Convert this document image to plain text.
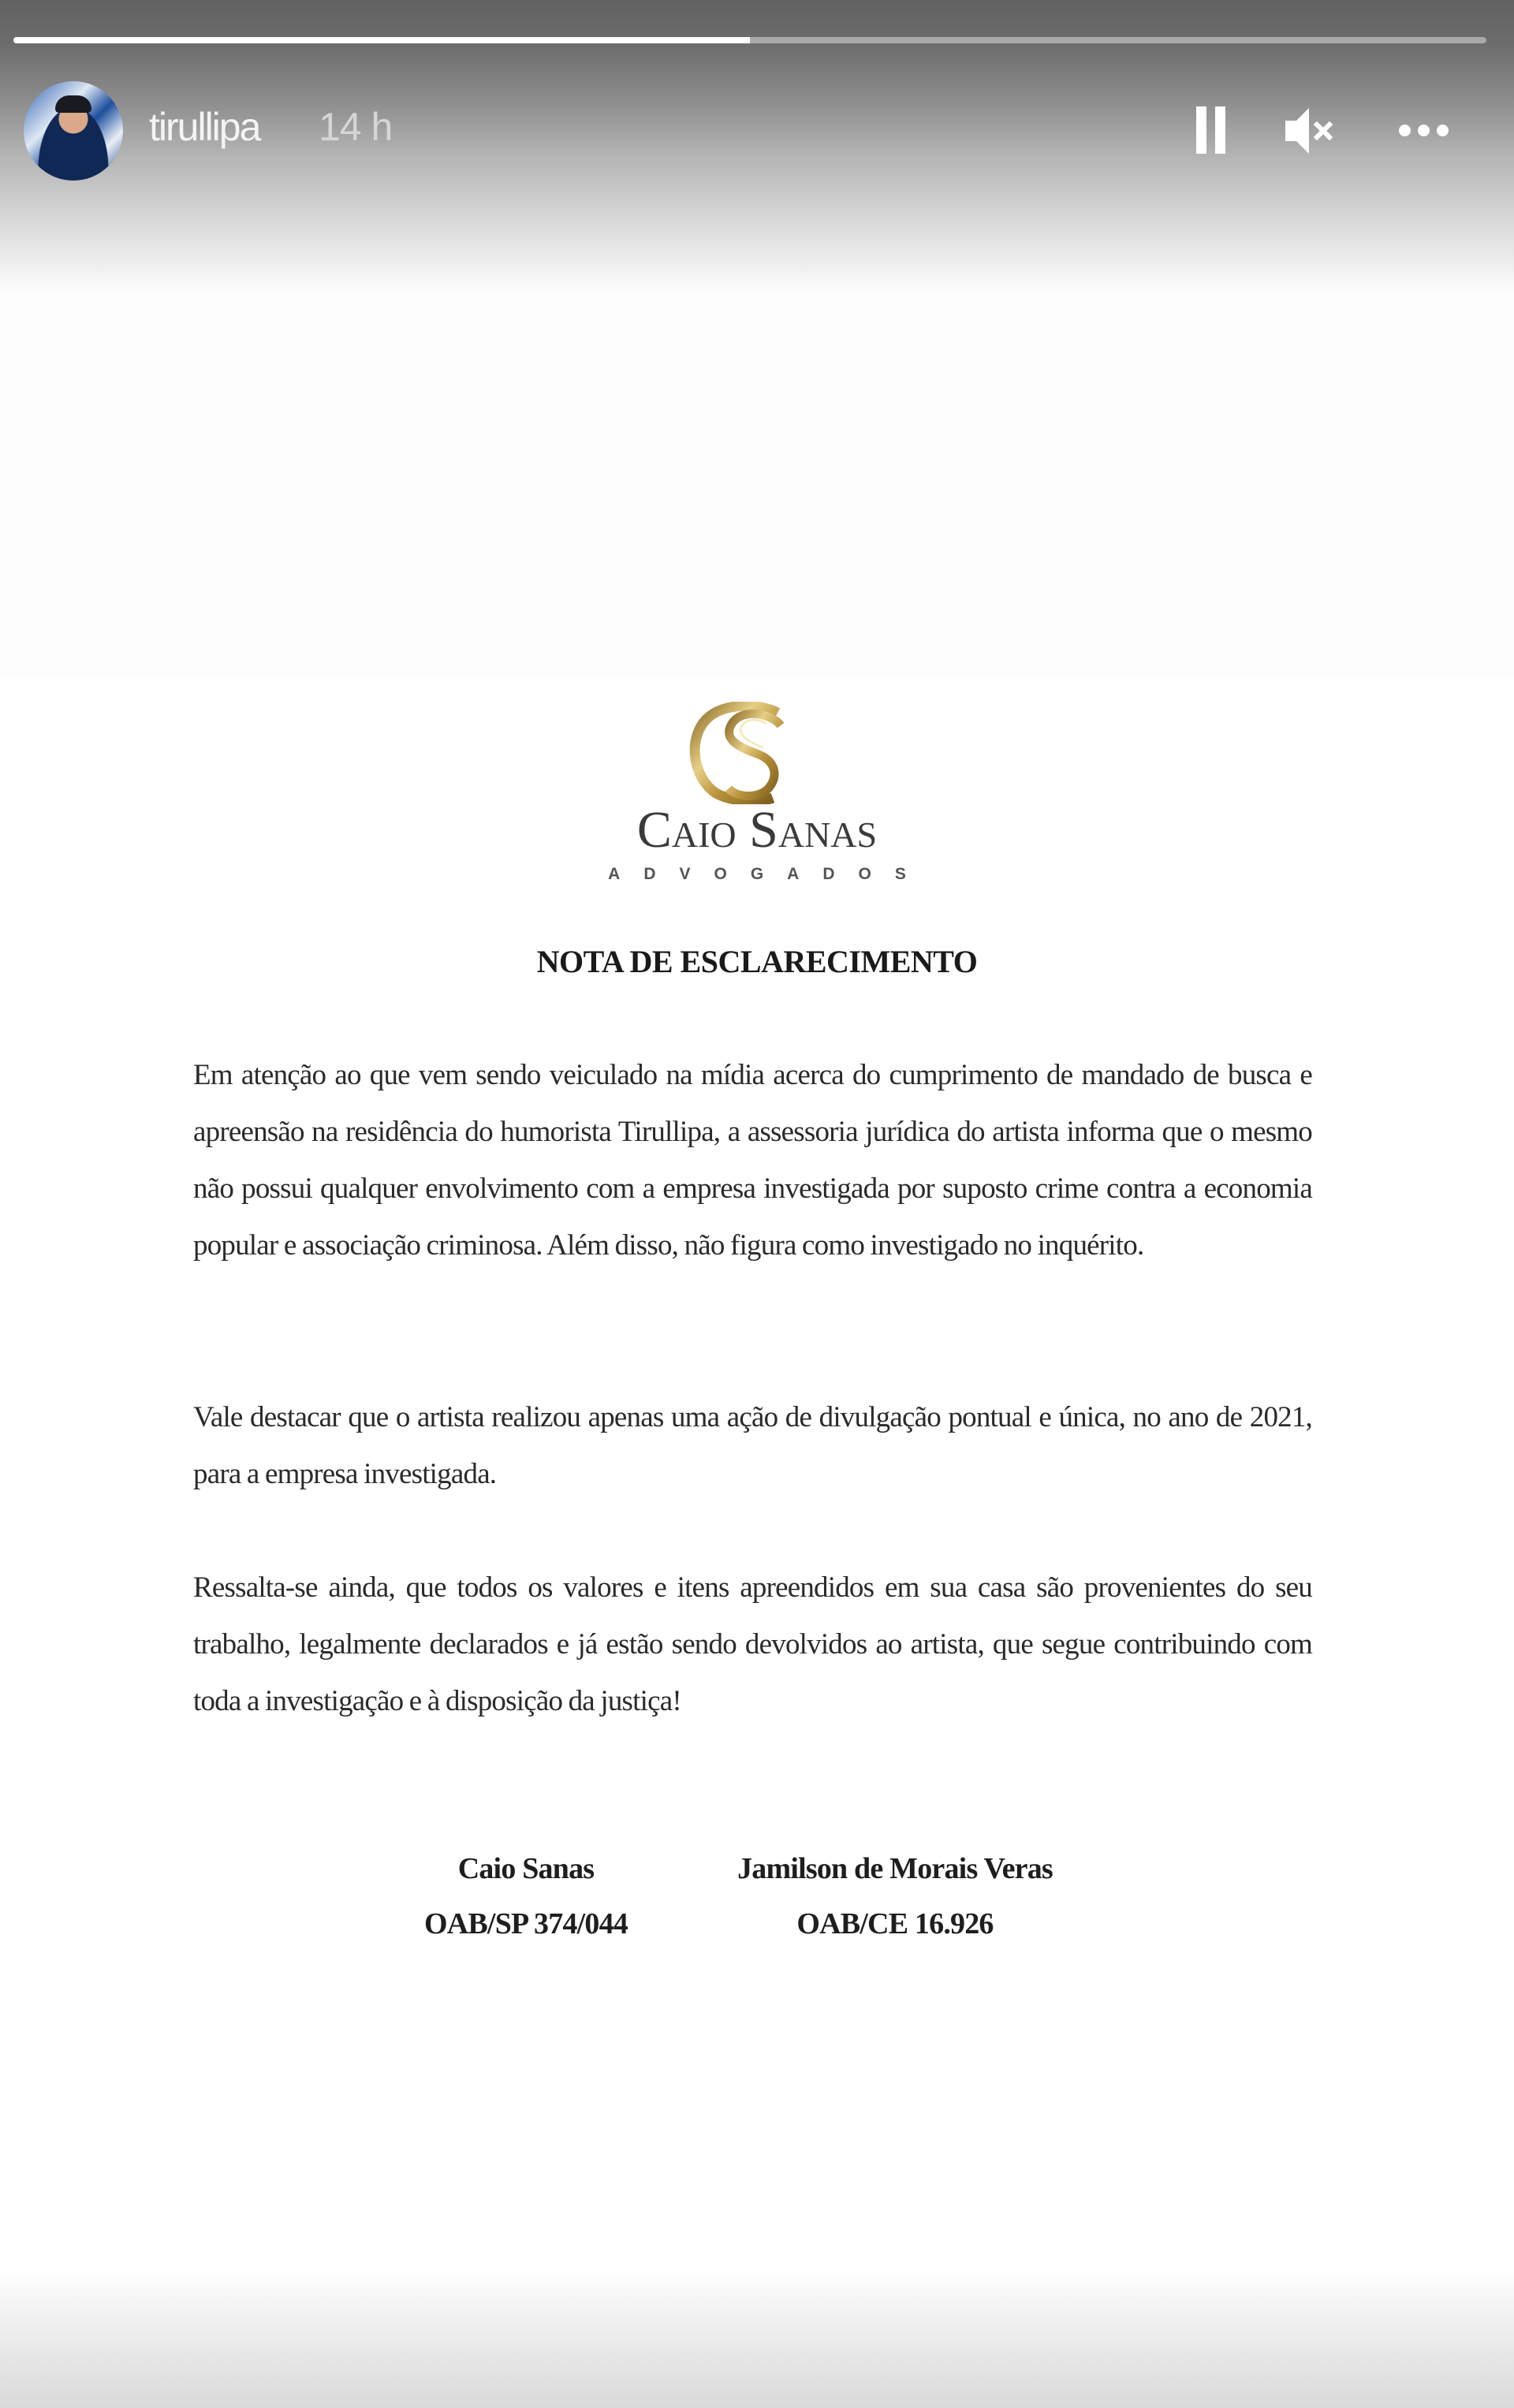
tirullipa 14 h
Caio Sanas
ADVOGADOS
NOTA DE ESCLARECIMENTO
Em atenção ao que vem sendo veiculado na mídia acerca do cumprimento de mandado de busca e apreensão na residência do humorista Tirullipa, a assessoria jurídica do artista informa que o mesmo não possui qualquer envolvimento com a empresa investigada por suposto crime contra a economia popular e associação criminosa. Além disso, não figura como investigado no inquérito.
Vale destacar que o artista realizou apenas uma ação de divulgação pontual e única, no ano de 2021, para a empresa investigada.
Ressalta-se ainda, que todos os valores e itens apreendidos em sua casa são provenientes do seu trabalho, legalmente declarados e já estão sendo devolvidos ao artista, que segue contribuindo com toda a investigação e à disposição da justiça!
Caio Sanas
OAB/SP 374/044
Jamilson de Morais Veras
OAB/CE 16.926
